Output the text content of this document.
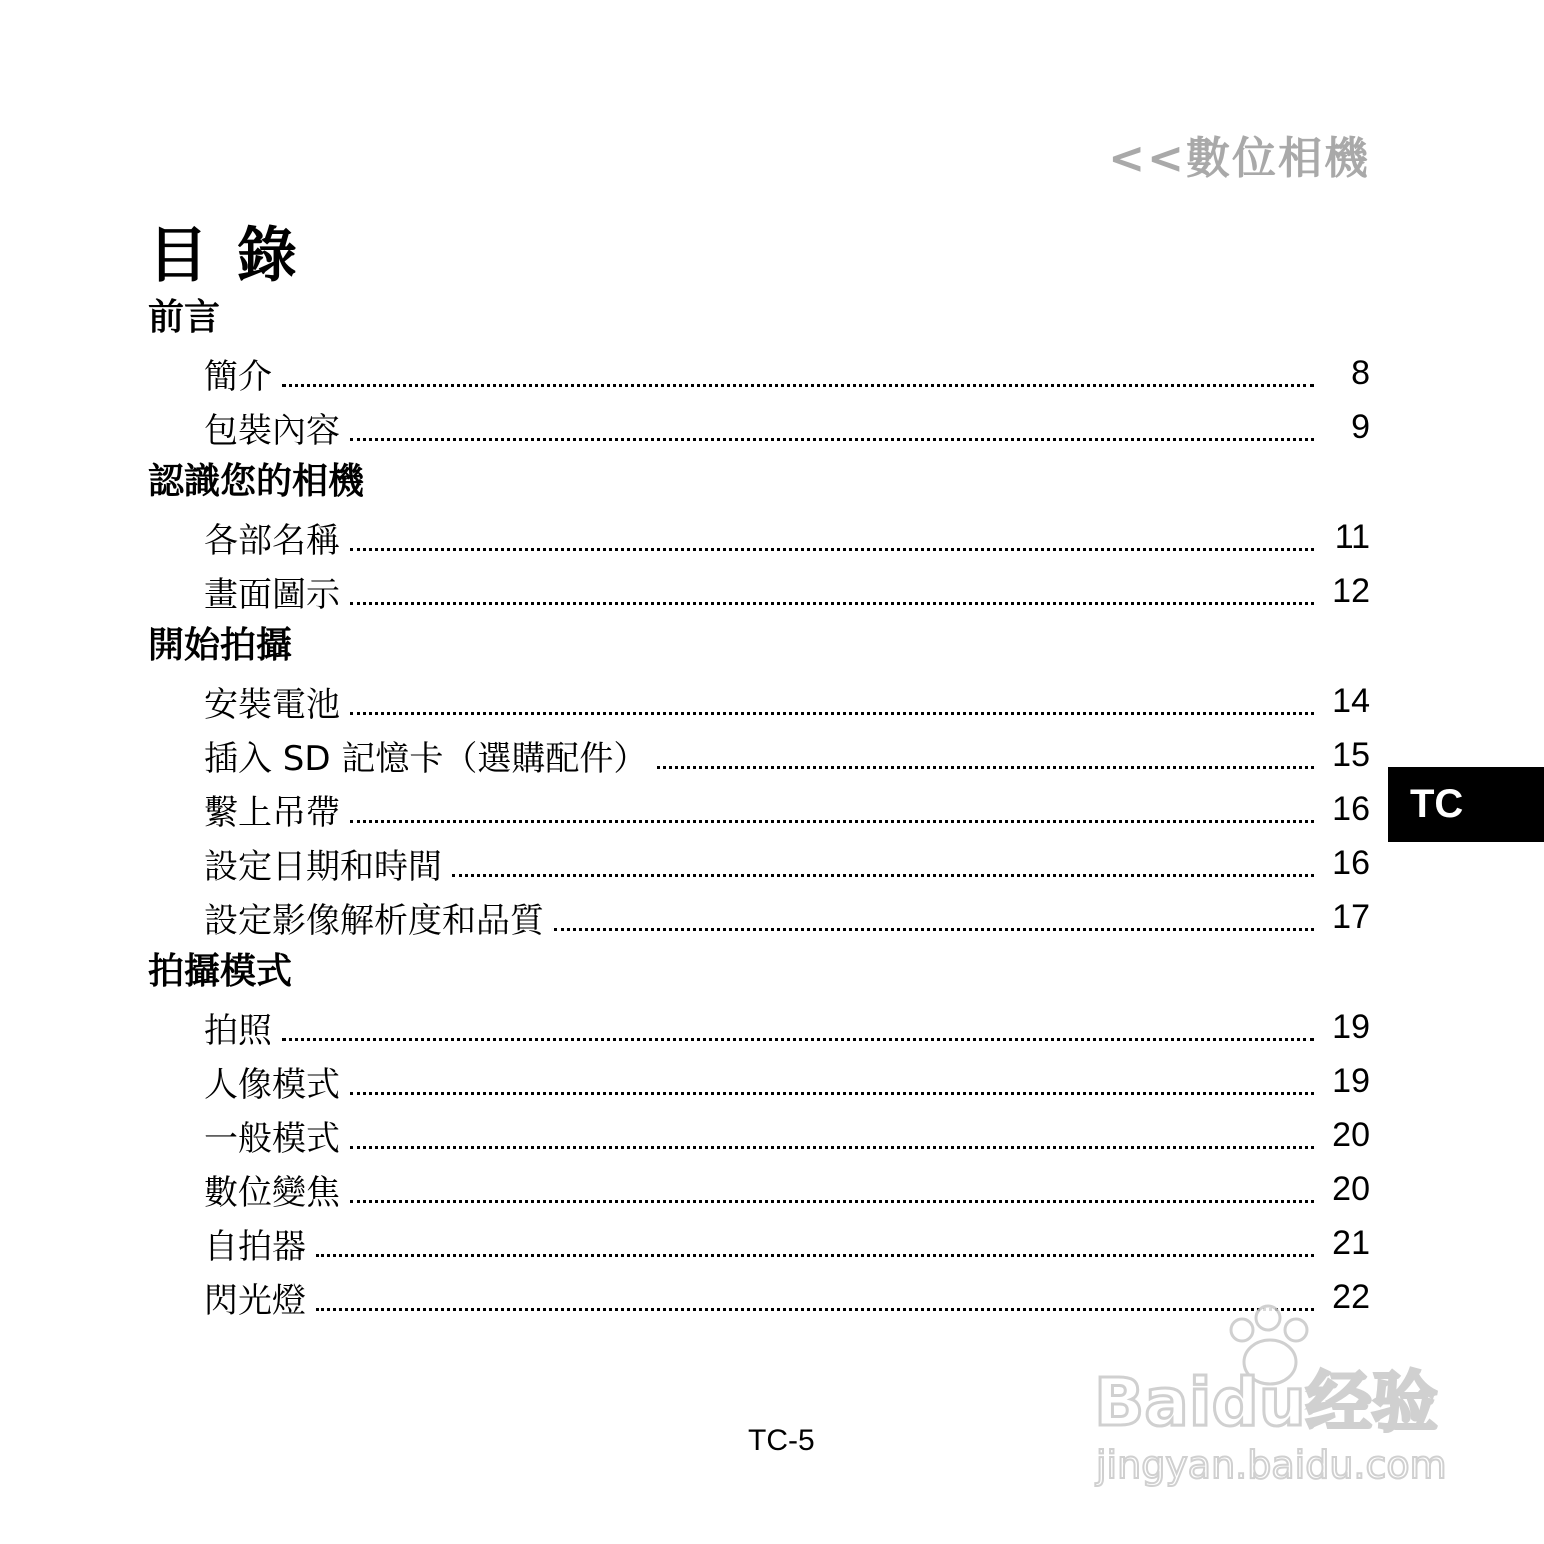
<<數位相機
目 錄
前言
簡介	8
包裝內容	9
認識您的相機
各部名稱	11
畫面圖示	12
開始拍攝
安裝電池	14
插入 SD 記憶卡（選購配件）	15
繫上吊帶	16
設定日期和時間	16
設定影像解析度和品質	17
拍攝模式
拍照	19
人像模式	19
一般模式	20
數位變焦	20
自拍器	21
閃光燈	22
TC
TC-5	Baidu经验
jingyan.baidu.com
